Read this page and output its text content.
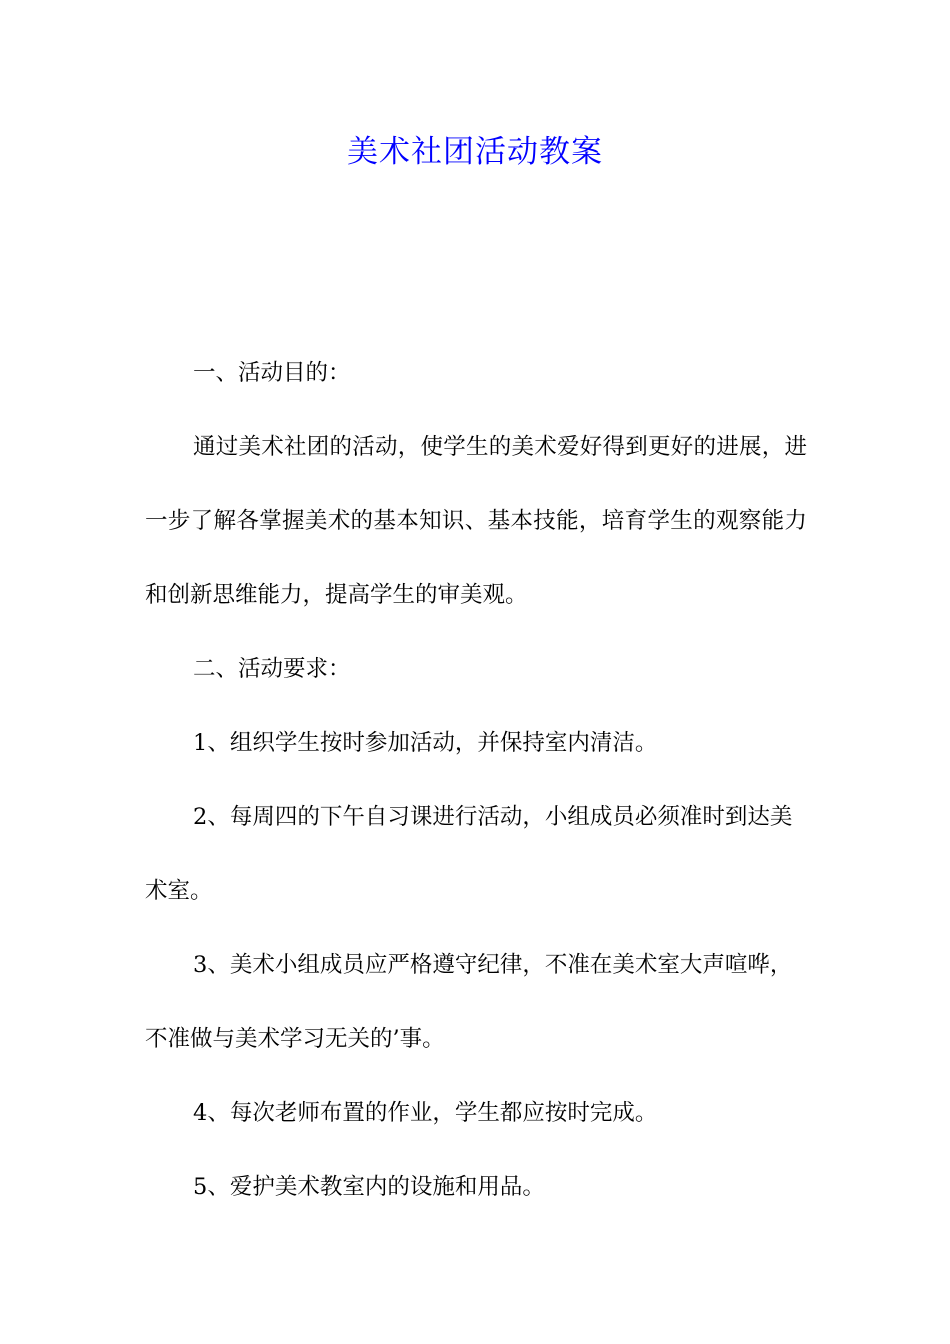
美术社团活动教案

一、活动目的：

通过美术社团的活动，使学生的美术爱好得到更好的进展，进一步了解各掌握美术的基本知识、基本技能，培育学生的观察能力和创新思维能力，提高学生的审美观。

二、活动要求：

1、组织学生按时参加活动，并保持室内清洁。

2、每周四的下午自习课进行活动，小组成员必须准时到达美术室。

3、美术小组成员应严格遵守纪律，不准在美术室大声喧哗，不准做与美术学习无关的’事。

4、每次老师布置的作业，学生都应按时完成。

5、爱护美术教室内的设施和用品。
